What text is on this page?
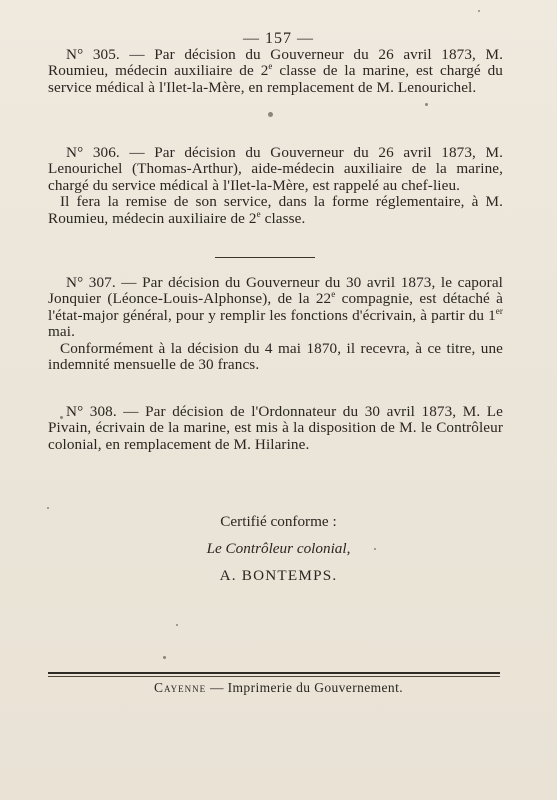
— 157 —

N° 305. — Par décision du Gouverneur du 26 avril 1873, M. Roumieu, médecin auxiliaire de 2e classe de la marine, est chargé du service médical à l'Ilet-la-Mère, en remplacement de M. Lenourichel.

N° 306. — Par décision du Gouverneur du 26 avril 1873, M. Lenourichel (Thomas-Arthur), aide-médecin auxiliaire de la marine, chargé du service médical à l'Ilet-la-Mère, est rappelé au chef-lieu.

Il fera la remise de son service, dans la forme réglementaire, à M. Roumieu, médecin auxiliaire de 2e classe.

N° 307. — Par décision du Gouverneur du 30 avril 1873, le caporal Jonquier (Léonce-Louis-Alphonse), de la 22e compagnie, est détaché à l'état-major général, pour y remplir les fonctions d'écrivain, à partir du 1er mai.

Conformément à la décision du 4 mai 1870, il recevra, à ce titre, une indemnité mensuelle de 30 francs.

N° 308. — Par décision de l'Ordonnateur du 30 avril 1873, M. Le Pivain, écrivain de la marine, est mis à la disposition de M. le Contrôleur colonial, en remplacement de M. Hilarine.

Certifié conforme :
Le Contrôleur colonial,
A. BONTEMPS.
Cayenne — Imprimerie du Gouvernement.
